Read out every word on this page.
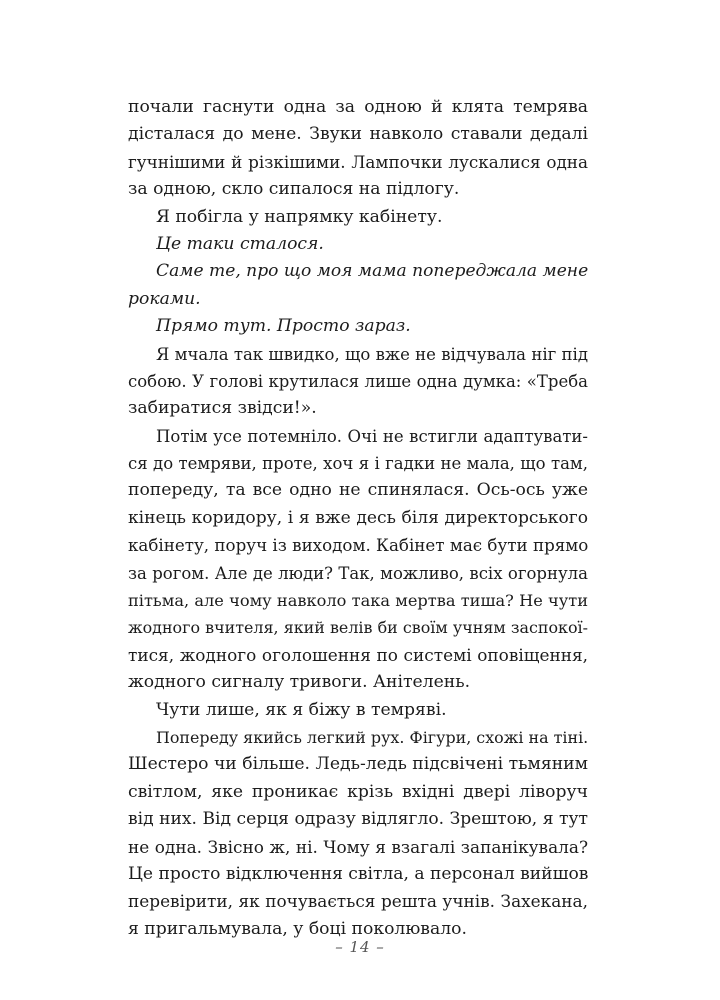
почали гаснути одна за одною й клята темрява
дісталася до мене. Звуки навколо ставали дедалі
гучнішими й різкішими. Лампочки лускалися одна
за одною, скло сипалося на підлогу.
Я побігла у напрямку кабінету.
Це таки сталося.
Саме те, про що моя мама попереджала мене
роками.
Прямо тут. Просто зараз.
Я мчала так швидко, що вже не відчувала ніг під
собою. У голові крутилася лише одна думка: «Треба
забиратися звідси!».
Потім усе потемніло. Очі не встигли адаптувати-
ся до темряви, проте, хоч я і гадки не мала, що там,
попереду, та все одно не спинялася. Ось-ось уже
кінець коридору, і я вже десь біля директорського
кабінету, поруч із виходом. Кабінет має бути прямо
за рогом. Але де люди? Так, можливо, всіх огорнула
пітьма, але чому навколо така мертва тиша? Не чути
жодного вчителя, який велів би своїм учням заспокої-
тися, жодного оголошення по системі оповіщення,
жодного сигналу тривоги. Анітелень.
Чути лише, як я біжу в темряві.
Попереду якийсь легкий рух. Фігури, схожі на тіні.
Шестеро чи більше. Ледь-ледь підсвічені тьмяним
світлом, яке проникає крізь вхідні двері ліворуч
від них. Від серця одразу відлягло. Зрештою, я тут
не одна. Звісно ж, ні. Чому я взагалі запанікувала?
Це просто відключення світла, а персонал вийшов
перевірити, як почувається решта учнів. Захекана,
я пригальмувала, у боці поколювало.
– 14 –
